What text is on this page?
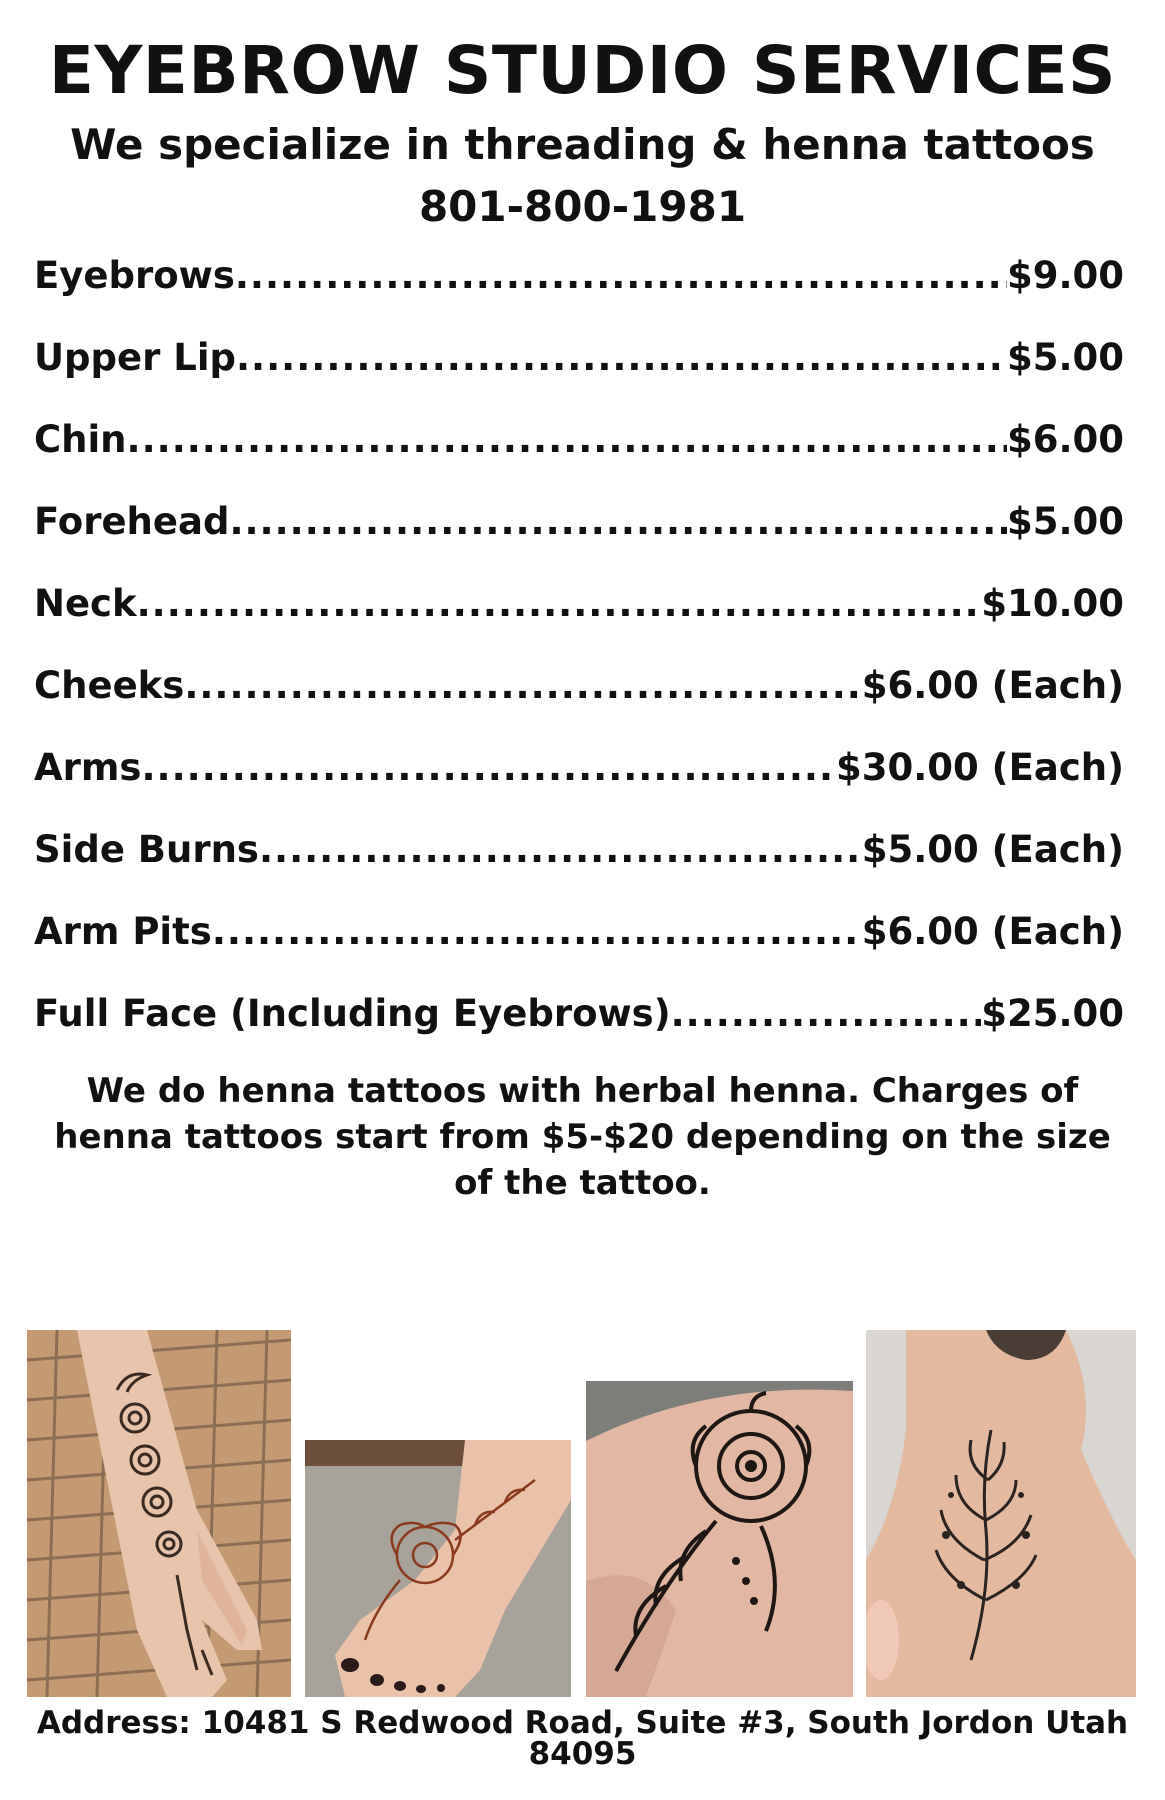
EYEBROW STUDIO SERVICES
We specialize in threading & henna tattoos
801-800-1981
Eyebrows .....	$9.00
Upper Lip .....	$5.00
Chin .....	$6.00
Forehead .....	$5.00
Neck .....	$10.00
Cheeks .....	$6.00 (Each)
Arms .....	$30.00 (Each)
Side Burns .....	$5.00 (Each)
Arm Pits .....	$6.00 (Each)
Full Face (Including Eyebrows) .....	$25.00
We do henna tattoos with herbal henna. Charges of henna tattoos start from $5-$20 depending on the size of the tattoo.
Address: 10481 S Redwood Road, Suite #3, South Jordon Utah 84095
